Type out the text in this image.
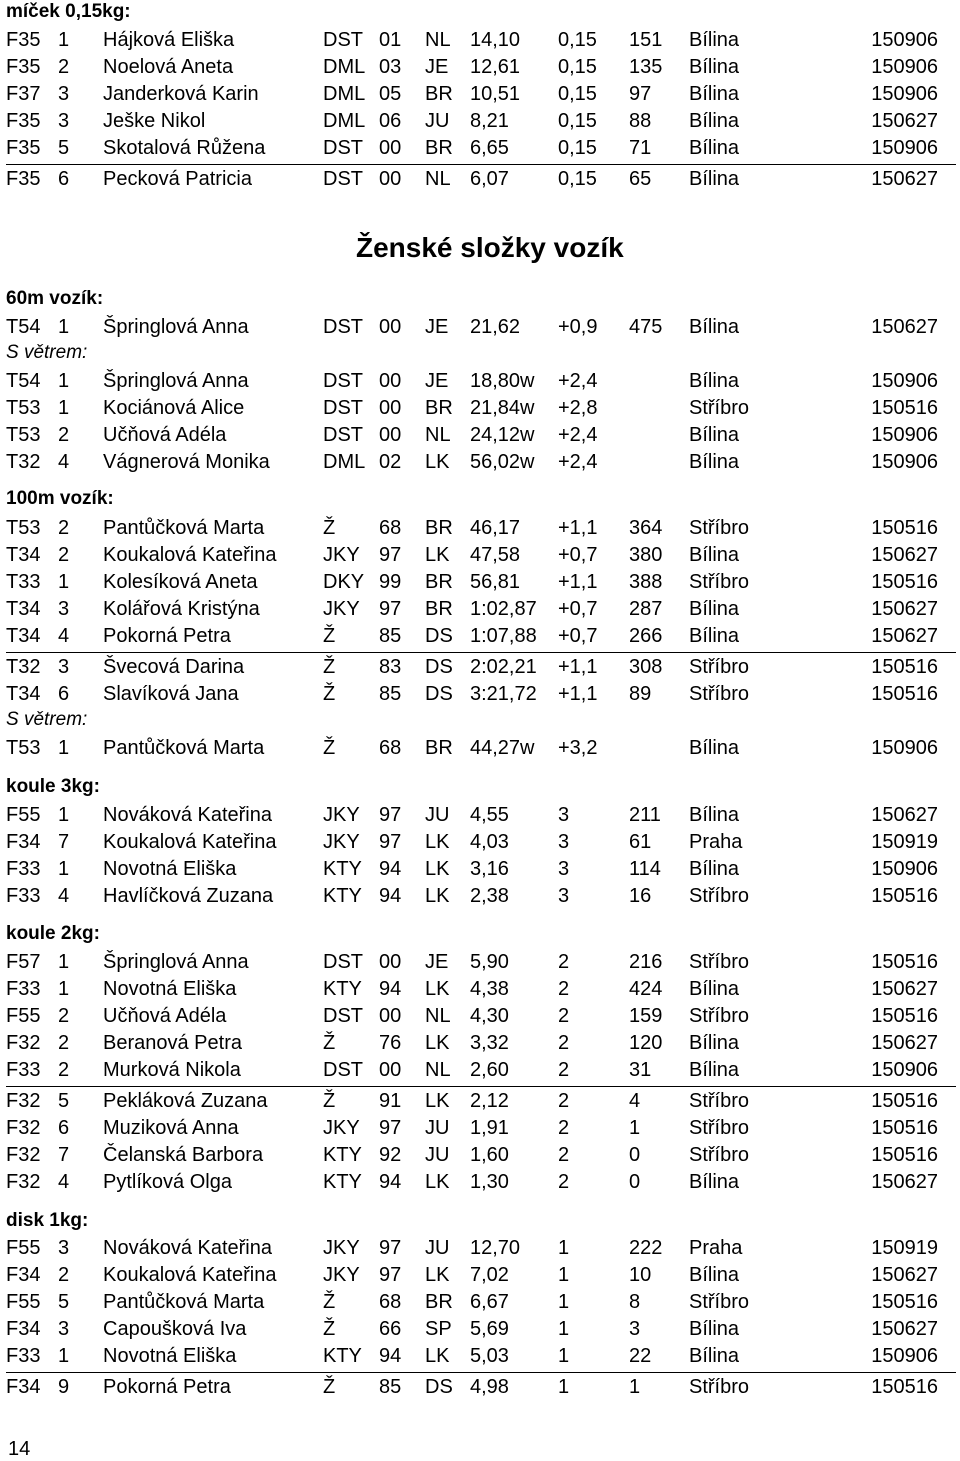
míček 0,15kg:
F35 1 Hájková Eliška	DST 01 NL 14,10 0,15 151 Bílina	150906
F35 2 Noelová Aneta	DML 03 JE 12,61 0,15 135 Bílina	150906
F37 3 Janderková Karin	DML 05 BR 10,51 0,15 97 Bílina	150906
F35 3 Ješke Nikol	DML 06 JU 8,21 0,15 88 Bílina	150627
F35 5 Skotalová Růžena	DST 00 BR 6,65 0,15 71 Bílina	150906
F35 6 Pecková Patricia	DST 00 NL 6,07 0,15 65 Bílina	150627
Ženské složky vozík
60m vozík:
T54 1 Špringlová Anna	DST 00 JE 21,62 +0,9 475 Bílina	150627
S větrem:
T54 1 Špringlová Anna	DST 00 JE 18,80w +2,4	Bílina	150906
T53 1 Kociánová Alice	DST 00 BR 21,84w +2,8	Stříbro	150516
T53 2 Učňová Adéla	DST 00 NL 24,12w +2,4	Bílina	150906
T32 4 Vágnerová Monika	DML 02 LK 56,02w +2,4	Bílina	150906
100m vozík:
T53 2 Pantůčková Marta	Ž 68 BR 46,17 +1,1 364 Stříbro	150516
T34 2 Koukalová Kateřina JKY 97 LK 47,58 +0,7 380 Bílina	150627
T33 1 Kolesíková Aneta	DKY 99 BR 56,81 +1,1 388 Stříbro	150516
T34 3 Kolářová Kristýna	JKY 97 BR 1:02,87 +0,7 287 Bílina	150627
T34 4 Pokorná Petra	Ž 85 DS 1:07,88 +0,7 266 Bílina	150627
T32 3 Švecová Darina	Ž 83 DS 2:02,21 +1,1 308 Stříbro	150516
T34 6 Slavíková Jana	Ž 85 DS 3:21,72 +1,1 89 Stříbro	150516
S větrem:
T53 1 Pantůčková Marta	Ž 68 BR 44,27w +3,2	Bílina	150906
koule 3kg:
F55 1 Nováková Kateřina	JKY 97 JU 4,55 3	211 Bílina	150627
F34 7 Koukalová Kateřina JKY 97 LK 4,03 3	61 Praha	150919
F33 1 Novotná Eliška	KTY 94 LK 3,16 3	114 Bílina	150906
F33 4 Havlíčková Zuzana KTY 94 LK 2,38 3	16 Stříbro	150516
koule 2kg:
F57 1 Špringlová Anna	DST 00 JE 5,90 2	216 Stříbro	150516
F33 1 Novotná Eliška	KTY 94 LK 4,38 2	424 Bílina	150627
F55 2 Učňová Adéla	DST 00 NL 4,30 2	159 Stříbro	150516
F32 2 Beranová Petra	Ž 76 LK 3,32 2	120 Bílina	150627
F33 2 Murková Nikola	DST 00 NL 2,60 2	31 Bílina	150906
F32 5 Pekláková Zuzana	Ž 91 LK 2,12 2	4 Stříbro	150516
F32 6 Muziková Anna	JKY 97 JU 1,91 2	1 Stříbro	150516
F32 7 Čelanská Barbora	KTY 92 JU 1,60 2	0 Stříbro	150516
F32 4 Pytlíková Olga	KTY 94 LK 1,30 2	0 Bílina	150627
disk 1kg:
F55 3 Nováková Kateřina	JKY 97 JU 12,70 1	222 Praha	150919
F34 2 Koukalová Kateřina JKY 97 LK 7,02 1	10 Bílina	150627
F55 5 Pantůčková Marta	Ž 68 BR 6,67 1	8 Stříbro	150516
F34 3 Capoušková Iva	Ž 66 SP 5,69 1	3 Bílina	150627
F33 1 Novotná Eliška	KTY 94 LK 5,03 1	22 Bílina	150906
F34 9 Pokorná Petra	Ž 85 DS 4,98 1	1 Stříbro	150516
14
